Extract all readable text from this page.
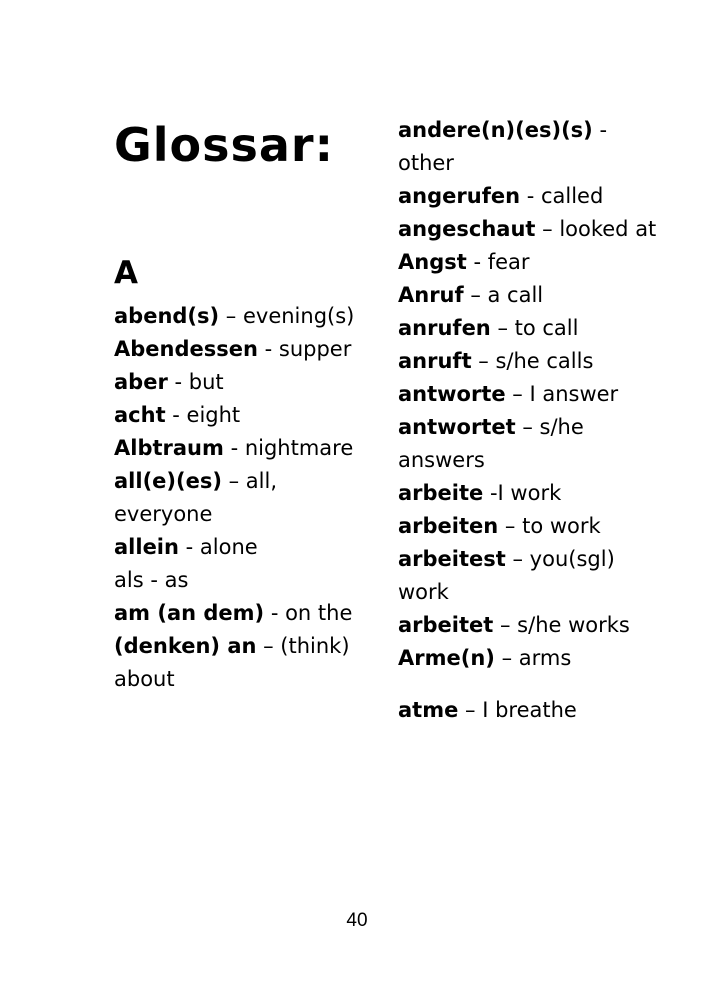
Glossar:
A

abend(s) – evening(s)

Abendessen - supper

aber - but

acht - eight

Albtraum - nightmare

all(e)(es) – all, everyone

allein - alone

als - as

am (an dem) - on the

(denken) an – (think) about

andere(n)(es)(s) - other

angerufen - called

angeschaut – looked at

Angst - fear

Anruf – a call

anrufen – to call

anruft – s/he calls

antworte – I answer

antwortet – s/he answers

arbeite -I work

arbeiten – to work

arbeitest – you(sgl) work

arbeitet – s/he works

Arme(n) – arms

atme – I breathe

40
